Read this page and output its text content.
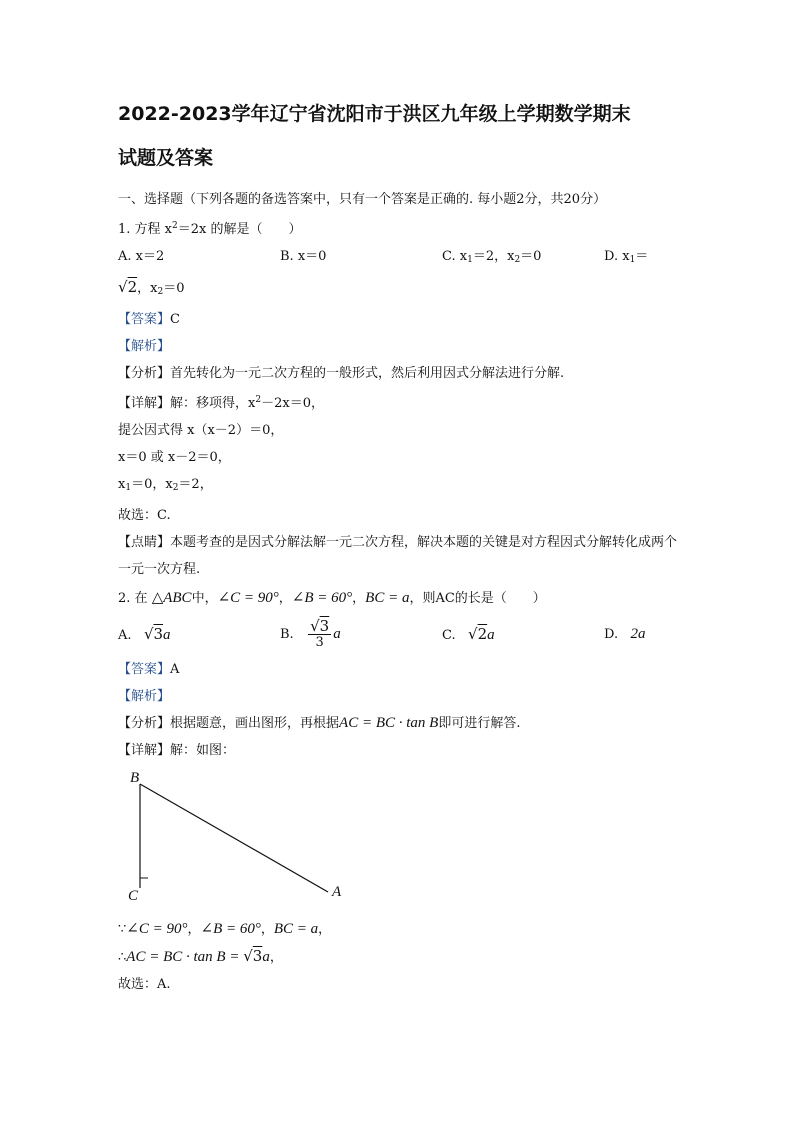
2022-2023学年辽宁省沈阳市于洪区九年级上学期数学期末
试题及答案
一、选择题（下列各题的备选答案中，只有一个答案是正确的. 每小题2分，共20分）
1. 方程 $x^2=2x$ 的解是（　　）
A. x＝2	B. x＝0	C. $x_1=2$，$x_2=0$	D. $x_1=$
√2，$x_2=0$
【答案】C
【解析】
【分析】首先转化为一元二次方程的一般形式，然后利用因式分解法进行分解.
【详解】解：移项得，$x^2-2x=0$，
提公因式得 x（x－2）＝0，
x＝0 或 x－2＝0，
$x_1=0$，$x_2=2$，
故选：C.
【点睛】本题考查的是因式分解法解一元二次方程，解决本题的关键是对方程因式分解转化成两个一元一次方程.
2. 在 △ABC中，∠C = 90°，∠B = 60°，BC = a，则AC的长是（　　）
A. √3a	B. $\frac{√3}{3}$ a	C. √2a	D. 2a
【答案】A
【解析】
【分析】根据题意，画出图形，再根据AC = BC · tan B即可进行解答.
【详解】解：如图：
B
C	A
∵∠C = 90°，∠B = 60°，BC = a，
∴AC = BC · tan B = √3a，
故选：A.
